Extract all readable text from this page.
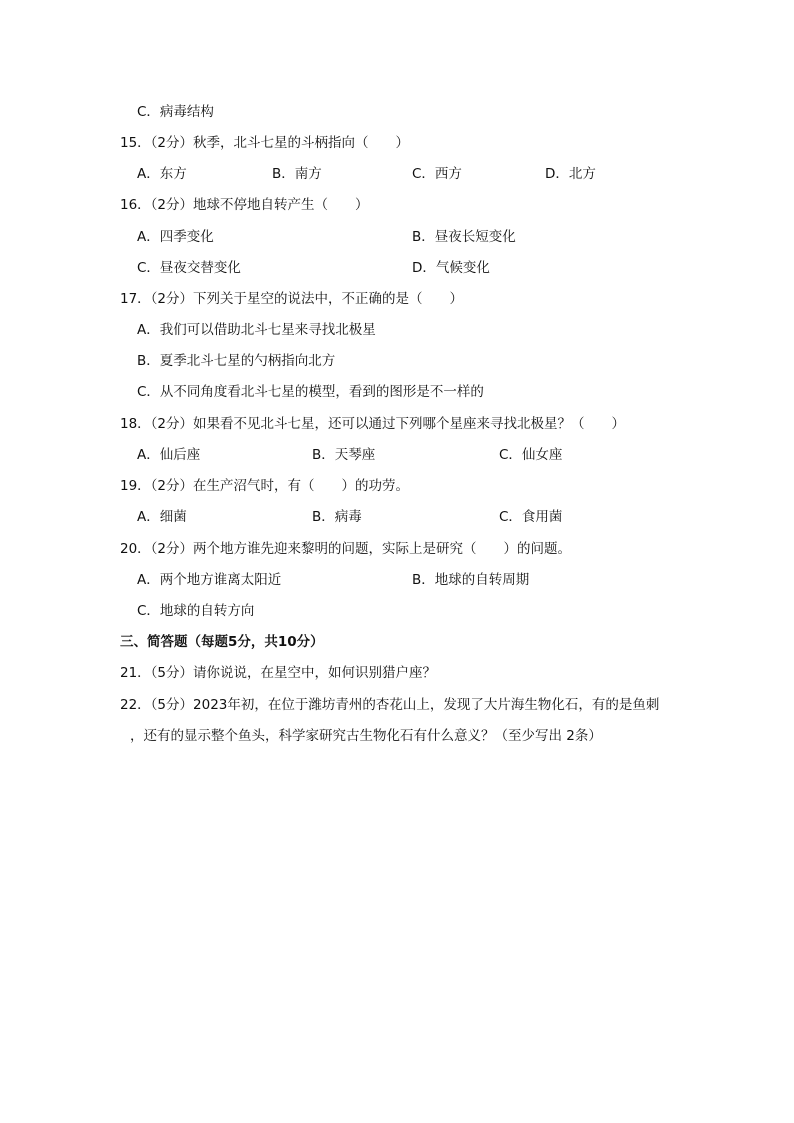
C．病毒结构
15．（2分）秋季，北斗七星的斗柄指向（　　）
A．东方	B．南方	C．西方	D．北方
16．（2分）地球不停地自转产生（　　）
A．四季变化	B．昼夜长短变化
C．昼夜交替变化	D．气候变化
17．（2分）下列关于星空的说法中，不正确的是（　　）
A．我们可以借助北斗七星来寻找北极星
B．夏季北斗七星的勺柄指向北方
C．从不同角度看北斗七星的模型，看到的图形是不一样的
18．（2分）如果看不见北斗七星，还可以通过下列哪个星座来寻找北极星？（　　）
A．仙后座	B．天琴座	C．仙女座
19．（2分）在生产沼气时，有（　　）的功劳。
A．细菌	B．病毒	C．食用菌
20．（2分）两个地方谁先迎来黎明的问题，实际上是研究（　　）的问题。
A．两个地方谁离太阳近	B．地球的自转周期
C．地球的自转方向
三、简答题（每题5分，共10分）
21．（5分）请你说说，在星空中，如何识别猎户座？
22．（5分）2023年初，在位于潍坊青州的杏花山上，发现了大片海生物化石，有的是鱼刺
，还有的显示整个鱼头，科学家研究古生物化石有什么意义？（至少写出 2条）
